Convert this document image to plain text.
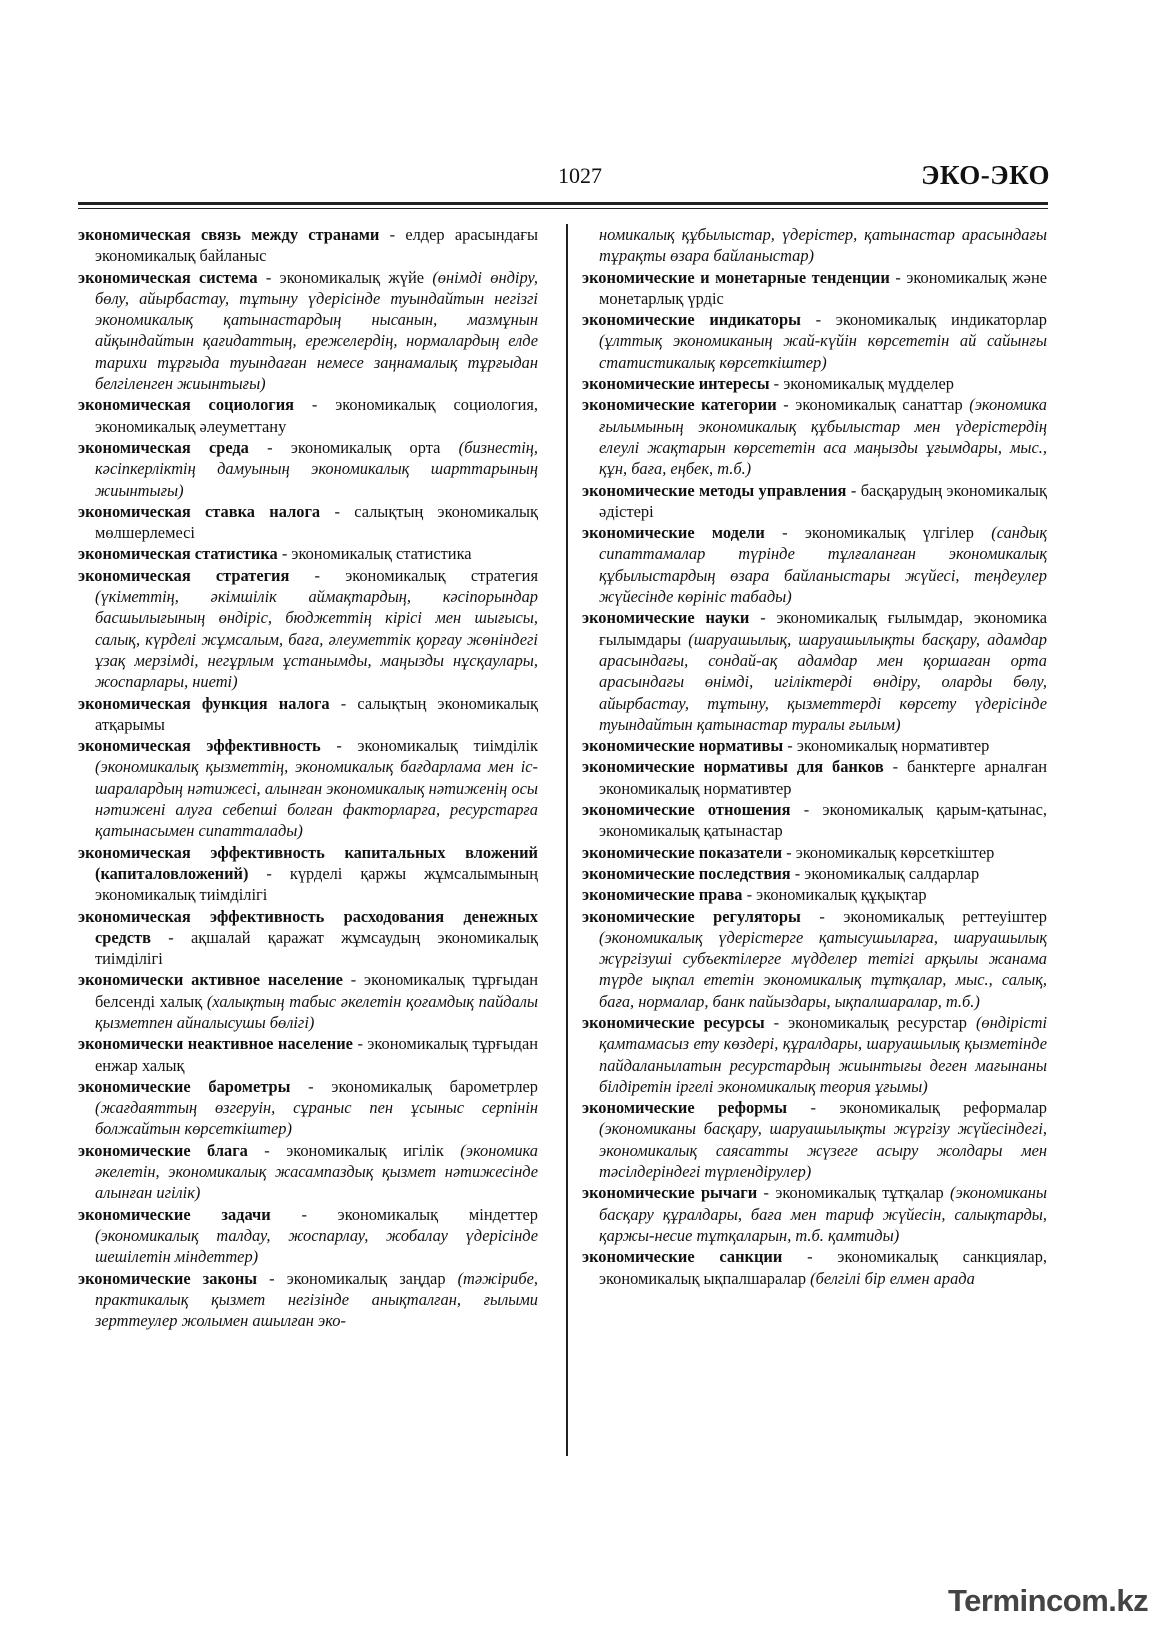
1027	ЭКО-ЭКО
экономическая связь между странами - елдер арасындағы экономикалық байланыс
экономическая система - экономикалық жүйе (өнімді өндіру, бөлу, айырбастау, тұтыну үдерісінде туындайтын негізгі экономикалық қатынастардың нысанын, мазмұнын айқындайтын қағидаттың, ережелердің, нормалардың елде тарихи тұрғыда туындаған немесе заңнамалық тұрғыдан белгіленген жиынтығы)
экономическая социология - экономикалық социология, экономикалық әлеуметтану
экономическая среда - экономикалық орта (бизнестің, кәсіпкерліктің дамуының экономикалық шарттарының жиынтығы)
экономическая ставка налога - салықтың экономикалық мөлшерлемесі
экономическая статистика - экономикалық статистика
экономическая стратегия - экономикалық стратегия (үкіметтің, әкімшілік аймақтардың, кәсіпорындар басшылығының өндіріс, бюджеттің кірісі мен шығысы, салық, күрделі жұмсалым, баға, әлеуметтік қорғау жөніндегі ұзақ мерзімді, негұрлым ұстанымды, маңызды нұсқаулары, жоспарлары, ниеті)
экономическая функция налога - салықтың экономикалық атқарымы
экономическая эффективность - экономикалық тиімділік (экономикалық қызметтің, экономикалық бағдарлама мен іс-шаралардың нәтижесі, алынған экономикалық нәтиженің осы нәтижені алуға себепші болған факторларға, ресурстарға қатынасымен сипатталады)
экономическая эффективность капитальных вложений (капиталовложений) - күрделі қаржы жұмсалымының экономикалық тиімділігі
экономическая эффективность расходования денежных средств - ақшалай қаражат жұмсаудың экономикалық тиімділігі
экономически активное население - экономикалық тұрғыдан белсенді халық (халықтың табыс әкелетін қоғамдық пайдалы қызметпен айналысушы бөлігі)
экономически неактивное население - экономикалық тұрғыдан енжар халық
экономические барометры - экономикалық барометрлер (жағдаяттың өзгеруін, сұраныс пен ұсыныс серпінін болжайтын көрсеткіштер)
экономические блага - экономикалық игілік (экономика әкелетін, экономикалық жасампаздық қызмет нәтижесінде алынған игілік)
экономические задачи - экономикалық міндеттер (экономикалық талдау, жоспарлау, жобалау үдерісінде шешілетін міндеттер)
экономические законы - экономикалық заңдар (тәжірибе, практикалық қызмет негізінде анықталған, ғылыми зерттеулер жолымен ашылған эко-
номикалық құбылыстар, үдерістер, қатынастар арасындағы тұрақты өзара байланыстар)
экономические и монетарные тенденции - экономикалық және монетарлық үрдіс
экономические индикаторы - экономикалық индикаторлар (ұлттық экономиканың жай-күйін көрсететін ай сайынғы статистикалық көрсеткіштер)
экономические интересы - экономикалық мүдделер
экономические категории - экономикалық санаттар (экономика ғылымының экономикалық құбылыстар мен үдерістердің елеулі жақтарын көрсететін аса маңызды ұғымдары, мыс., құн, баға, еңбек, т.б.)
экономические методы управления - басқарудың экономикалық әдістері
экономические модели - экономикалық үлгілер (сандық сипаттамалар түрінде тұлғаланған экономикалық құбылыстардың өзара байланыстары жүйесі, теңдеулер жүйесінде көрініс табады)
экономические науки - экономикалық ғылымдар, экономика ғылымдары (шаруашылық, шаруашылықты басқару, адамдар арасындағы, сондай-ақ адамдар мен қоршаған орта арасындағы өнімді, игіліктерді өндіру, оларды бөлу, айырбастау, тұтыну, қызметтерді көрсету үдерісінде туындайтын қатынастар туралы ғылым)
экономические нормативы - экономикалық нормативтер
экономические нормативы для банков - банктерге арналған экономикалық нормативтер
экономические отношения - экономикалық қарым-қатынас, экономикалық қатынастар
экономические показатели - экономикалық көрсеткіштер
экономические последствия - экономикалық салдарлар
экономические права - экономикалық құқықтар
экономические регуляторы - экономикалық реттеуіштер (экономикалық үдерістерге қатысушыларға, шаруашылық жүргізуші субъектілерге мүдделер тетігі арқылы жанама түрде ықпал ететін экономикалық тұтқалар, мыс., салық, баға, нормалар, банк пайыздары, ықпалшаралар, т.б.)
экономические ресурсы - экономикалық ресурстар (өндірісті қамтамасыз ету көздері, құралдары, шаруашылық қызметінде пайдаланылатын ресурстардың жиынтығы деген мағынаны білдіретін іргелі экономикалық теория ұғымы)
экономические реформы - экономикалық реформалар (экономиканы басқару, шаруашылықты жүргізу жүйесіндегі, экономикалық саясатты жүзеге асыру жолдары мен тәсілдеріндегі түрлендірулер)
экономические рычаги - экономикалық тұтқалар (экономиканы басқару құралдары, баға мен тариф жүйесін, салықтарды, қаржы-несие тұтқаларын, т.б. қамтиды)
экономические санкции - экономикалық санкциялар, экономикалық ықпалшаралар (белгілі бір елмен арада
Termincom.kz
